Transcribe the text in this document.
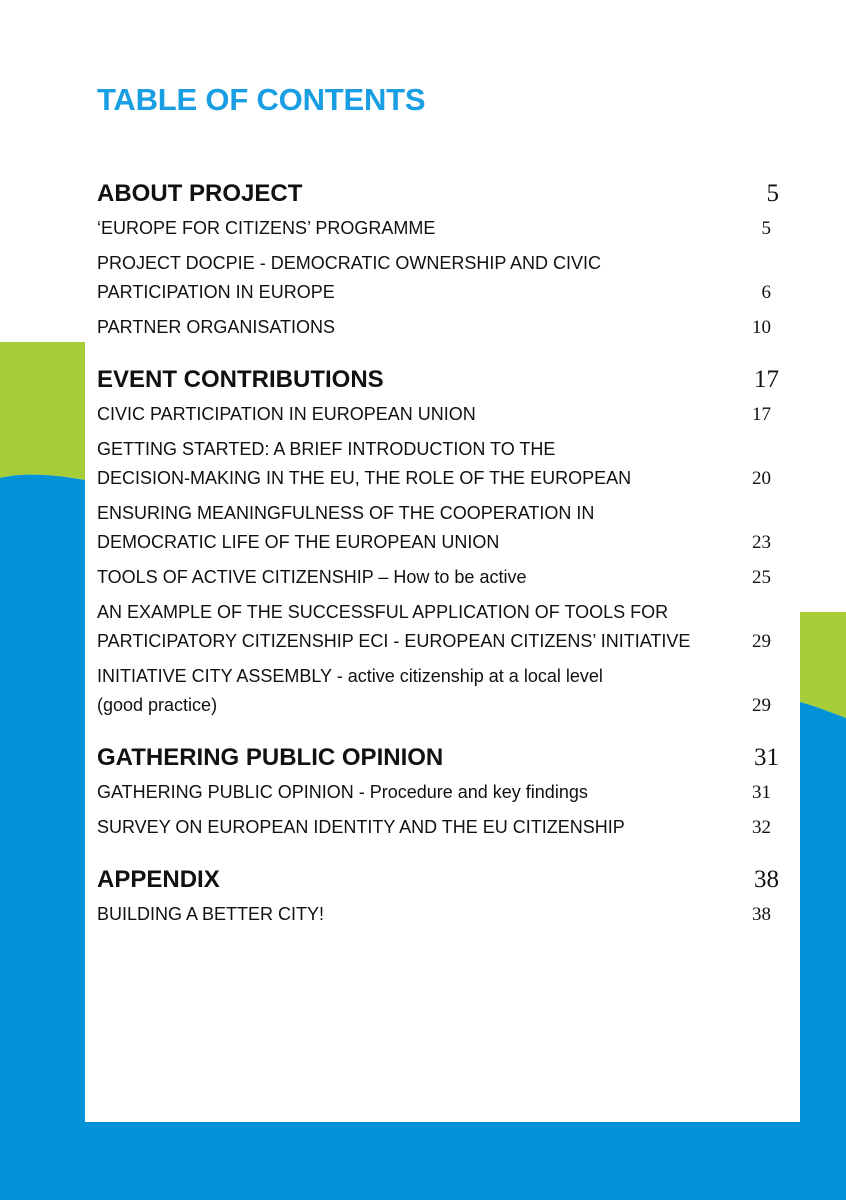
TABLE OF CONTENTS
ABOUT PROJECT	5
‘EUROPE FOR CITIZENS’ PROGRAMME	5
PROJECT DOCPIE - DEMOCRATIC OWNERSHIP AND CIVIC
PARTICIPATION IN EUROPE	6
PARTNER ORGANISATIONS	10
EVENT CONTRIBUTIONS	17
CIVIC PARTICIPATION IN EUROPEAN UNION	17
GETTING STARTED: A BRIEF INTRODUCTION TO THE
DECISION-MAKING IN THE EU, THE ROLE OF THE EUROPEAN	20
ENSURING MEANINGFULNESS OF THE COOPERATION IN
DEMOCRATIC LIFE OF THE EUROPEAN UNION	23
TOOLS OF ACTIVE CITIZENSHIP – How to be active	25
AN EXAMPLE OF THE SUCCESSFUL APPLICATION OF TOOLS FOR
PARTICIPATORY CITIZENSHIP ECI - EUROPEAN CITIZENS’ INITIATIVE	29
INITIATIVE CITY ASSEMBLY - active citizenship at a local level
(good practice)	29
GATHERING PUBLIC OPINION	31
GATHERING PUBLIC OPINION - Procedure and key findings	31
SURVEY ON EUROPEAN IDENTITY AND THE EU CITIZENSHIP	32
APPENDIX	38
BUILDING A BETTER CITY!	38
